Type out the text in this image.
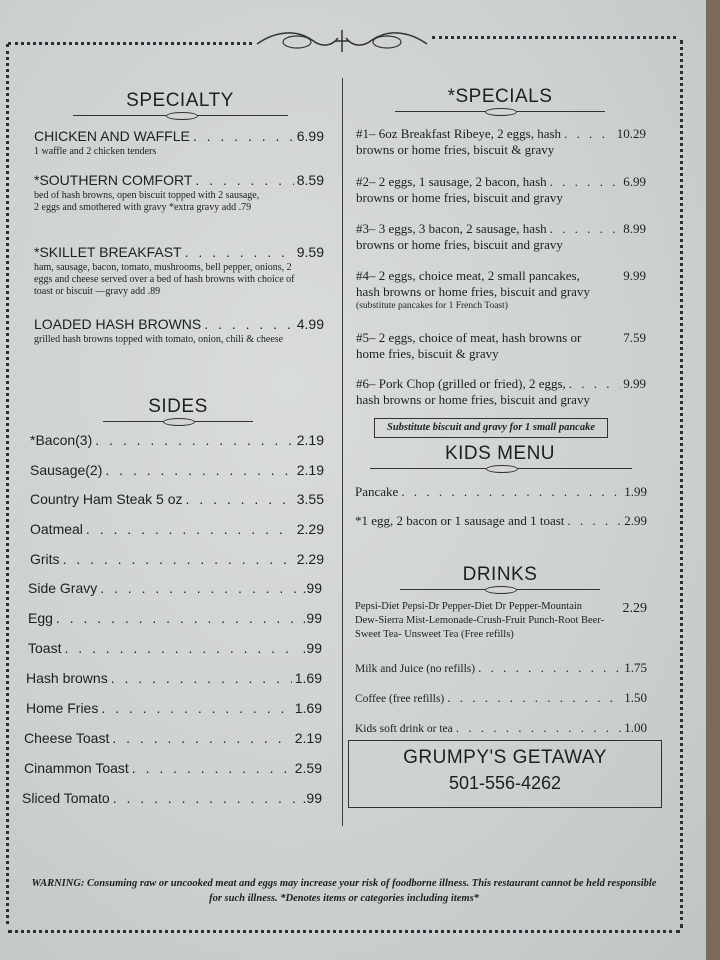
SPECIALTY
CHICKEN AND WAFFLE . . .	6.99
1 waffle and 2 chicken tenders
*SOUTHERN COMFORT . . .	8.59
bed of hash browns, open biscuit topped with 2 sausage, 2 eggs and smothered with gravy *extra gravy add .79
*SKILLET BREAKFAST . . .	9.59
ham, sausage, bacon, tomato, mushrooms, bell pepper, onions, 2 eggs and cheese served over a bed of hash browns with choice of toast or biscuit —gravy add .89
LOADED HASH BROWNS . . .	4.99
grilled hash browns topped with tomato, onion, chili & cheese
SIDES
*Bacon(3) . . .	2.19
Sausage(2) . . .	2.19
Country Ham Steak 5 oz . . .	3.55
Oatmeal . . .	2.29
Grits . . .	2.29
Side Gravy . . .	.99
Egg . . .	.99
Toast . . .	.99
Hash browns . . .	1.69
Home Fries . . .	1.69
Cheese Toast . . .	2.19
Cinammon Toast . . .	2.59
Sliced Tomato . . .	.99
*SPECIALS
#1– 6oz Breakfast Ribeye, 2 eggs, hash . . .	10.29
browns or home fries, biscuit & gravy
#2– 2 eggs, 1 sausage, 2 bacon, hash . . .	6.99
browns or home fries, biscuit and gravy
#3– 3 eggs, 3 bacon, 2 sausage, hash . . .	8.99
browns or home fries, biscuit and gravy
#4– 2 eggs, choice meat, 2 small pancakes,	9.99
hash browns or home fries, biscuit and gravy
(substitute pancakes for 1 French Toast)
#5– 2 eggs, choice of meat, hash browns or	7.59
home fries, biscuit & gravy
#6– Pork Chop (grilled or fried), 2 eggs, . . .	9.99
hash browns or home fries, biscuit and gravy
Substitute biscuit and gravy for 1 small pancake
KIDS MENU
Pancake . . .	1.99
*1 egg, 2 bacon or 1 sausage and 1 toast . . .	2.99
DRINKS
Pepsi-Diet Pepsi-Dr Pepper-Diet Dr Pepper-Mountain Dew-Sierra Mist-Lemonade-Crush-Fruit Punch-Root Beer- Sweet Tea- Unsweet Tea (Free refills)
2.29
Milk and Juice (no refills) . . .	1.75
Coffee (free refills) . . .	1.50
Kids soft drink or tea . . .	1.00
GRUMPY'S GETAWAY
501-556-4262
WARNING: Consuming raw or uncooked meat and eggs may increase your risk of foodborne illness. This restaurant cannot be held responsible for such illness. *Denotes items or categories including items*
